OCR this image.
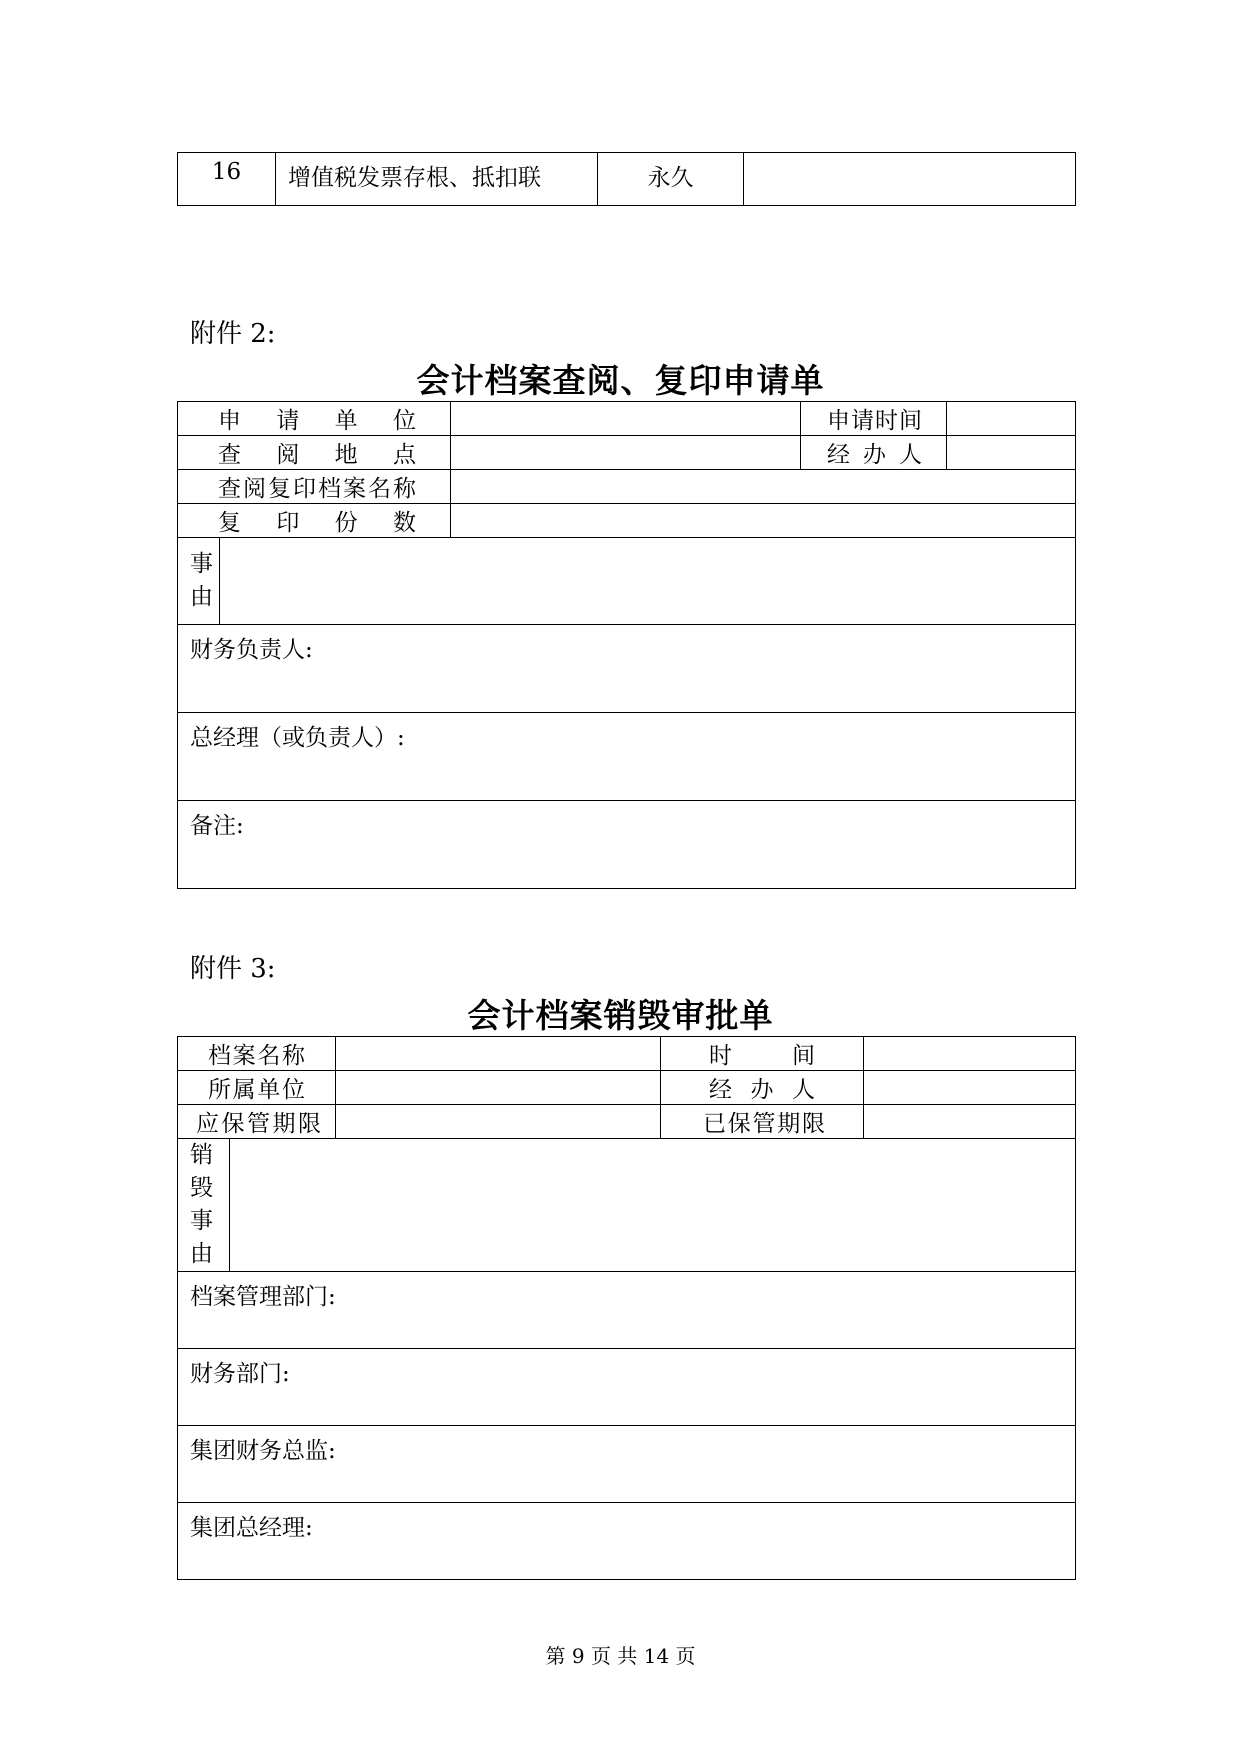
16	增值税发票存根、抵扣联	永久	
附件 2:
会计档案查阅、复印申请单
申请单位			申请时间	

查阅地点			经办人	

查阅复印档案名称				

复印份数				

事
由				

财务负责人:				
总经理（或负责人）:				
备注:				
附件 3:
会计档案销毁审批单
档案名称			时间	

所属单位			经办人	

应保管期限			已保管期限	

销
毁
事
由				

档案管理部门:				
财务部门:				
集团财务总监:				
集团总经理:				
第 9 页 共 14 页
